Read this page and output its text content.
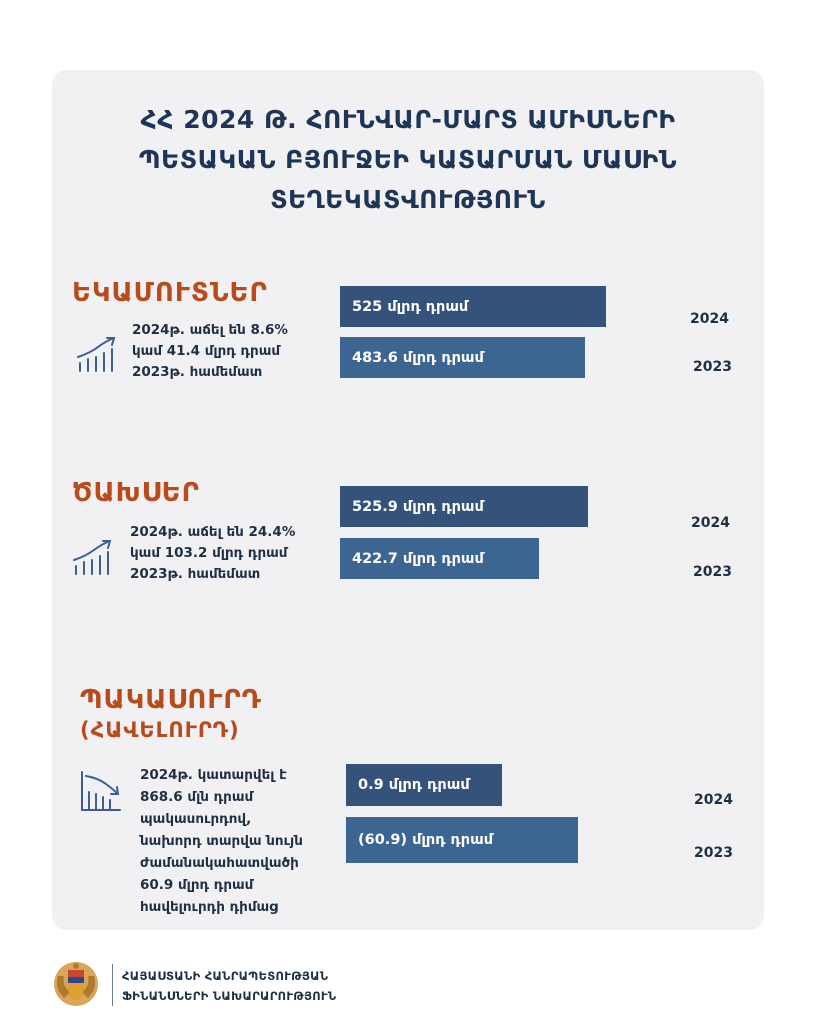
ՀՀ 2024 Թ. ՀՈՒՆՎԱՐ-ՄԱՐՏ ԱՄԻՍՆԵՐԻ
ՊԵՏԱԿԱՆ ԲՅՈՒՋԵԻ ԿԱՏԱՐՄԱՆ ՄԱՍԻՆ
ՏԵՂԵԿԱՏՎՈՒԹՅՈՒՆ
ԵԿԱՄՈՒՏՆԵՐ
2024թ. աճել են 8.6%
կամ 41.4 մլրդ դրամ
2023թ. համեմատ
525 մլրդ դրամ
483.6 մլրդ դրամ
2024
2023
ԾԱԽՍԵՐ
2024թ. աճել են 24.4%
կամ 103.2 մլրդ դրամ
2023թ. համեմատ
525.9 մլրդ դրամ
422.7 մլրդ դրամ
2024
2023
ՊԱԿԱՍՈՒՐԴ
(ՀԱՎԵԼՈՒՐԴ)
2024թ. կատարվել է
868.6 մլն դրամ
պակասուրդով,
նախորդ տարվա նույն
ժամանակահատվածի
60.9 մլրդ դրամ
հավելուրդի դիմաց
0.9 մլրդ դրամ
(60.9) մլրդ դրամ
2024
2023
ՀԱՅԱՍՏԱՆԻ ՀԱՆՐԱՊԵՏՈՒԹՅԱՆ
ՖԻՆԱՆՍՆԵՐԻ ՆԱԽԱՐԱՐՈՒԹՅՈՒՆ
